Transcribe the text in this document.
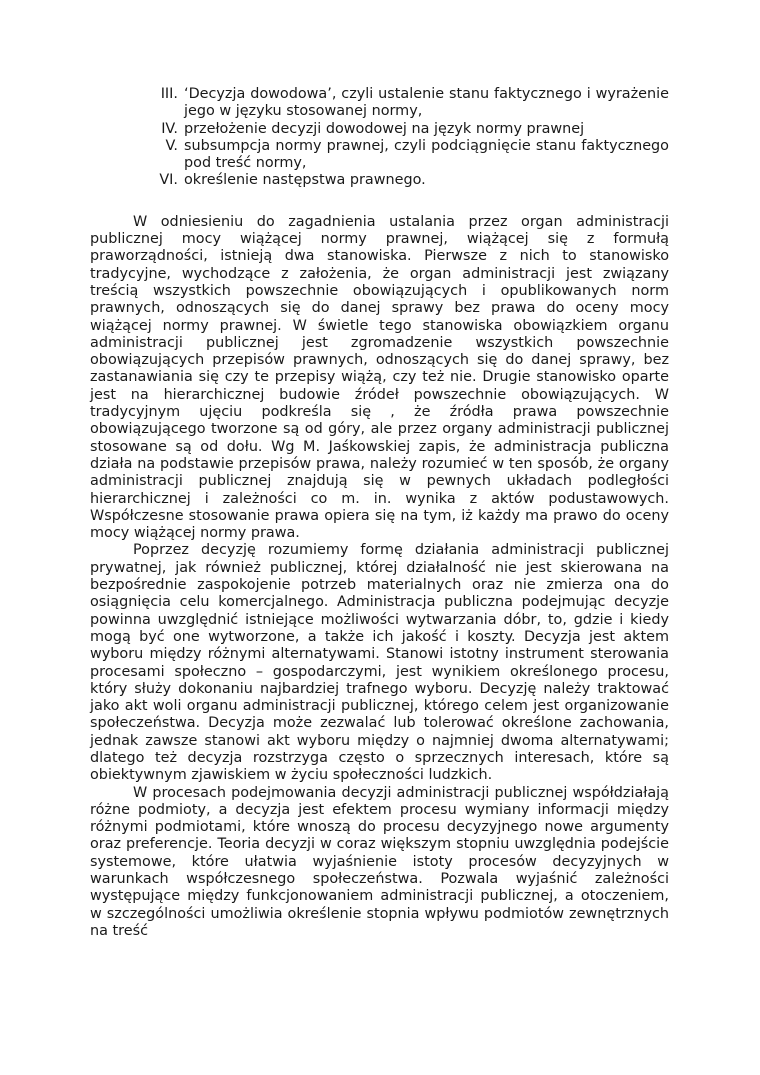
III. ‘Decyzja dowodowa’, czyli ustalenie stanu faktycznego i wyrażenie jego w języku stosowanej normy,
IV. przełożenie decyzji dowodowej na język normy prawnej
V. subsumpcja normy prawnej, czyli podciągnięcie stanu faktycznego pod treść normy,
VI. określenie następstwa prawnego.

W odniesieniu do zagadnienia ustalania przez organ administracji publicznej mocy wiążącej normy prawnej, wiążącej się z formułą praworządności, istnieją dwa stanowiska. Pierwsze z nich to stanowisko tradycyjne, wychodzące z założenia, że organ administracji jest związany treścią wszystkich powszechnie obowiązujących i opublikowanych norm prawnych, odnoszących się do danej sprawy bez prawa do oceny mocy wiążącej normy prawnej. W świetle tego stanowiska obowiązkiem organu administracji publicznej jest zgromadzenie wszystkich powszechnie obowiązujących przepisów prawnych, odnoszących się do danej sprawy, bez zastanawiania się czy te przepisy wiążą, czy też nie. Drugie stanowisko oparte jest na hierarchicznej budowie źródeł powszechnie obowiązujących. W tradycyjnym ujęciu podkreśla się , że źródła prawa powszechnie obowiązującego tworzone są od góry, ale przez organy administracji publicznej stosowane są od dołu. Wg M. Jaśkowskiej zapis, że administracja publiczna działa na podstawie przepisów prawa, należy rozumieć w ten sposób, że organy administracji publicznej znajdują się w pewnych układach podległości hierarchicznej i zależności co m. in. wynika z aktów podustawowych. Współczesne stosowanie prawa opiera się na tym, iż każdy ma prawo do oceny mocy wiążącej normy prawa.

Poprzez decyzję rozumiemy formę działania administracji publicznej prywatnej, jak również publicznej, której działalność nie jest skierowana na bezpośrednie zaspokojenie potrzeb materialnych oraz nie zmierza ona do osiągnięcia celu komercjalnego. Administracja publiczna podejmując decyzje powinna uwzględnić istniejące możliwości wytwarzania dóbr, to, gdzie i kiedy mogą być one wytworzone, a także ich jakość i koszty. Decyzja jest aktem wyboru między różnymi alternatywami. Stanowi istotny instrument sterowania procesami społeczno – gospodarczymi, jest wynikiem określonego procesu, który służy dokonaniu najbardziej trafnego wyboru. Decyzję należy traktować jako akt woli organu administracji publicznej, którego celem jest organizowanie społeczeństwa. Decyzja może zezwalać lub tolerować określone zachowania, jednak zawsze stanowi akt wyboru między o najmniej dwoma alternatywami; dlatego też decyzja rozstrzyga często o sprzecznych interesach, które są obiektywnym zjawiskiem w życiu społeczności ludzkich.

W procesach podejmowania decyzji administracji publicznej współdziałają różne podmioty, a decyzja jest efektem procesu wymiany informacji między różnymi podmiotami, które wnoszą do procesu decyzyjnego nowe argumenty oraz preferencje. Teoria decyzji w coraz większym stopniu uwzględnia podejście systemowe, które ułatwia wyjaśnienie istoty procesów decyzyjnych w warunkach współczesnego społeczeństwa. Pozwala wyjaśnić zależności występujące między funkcjonowaniem administracji publicznej, a otoczeniem, w szczególności umożliwia określenie stopnia wpływu podmiotów zewnętrznych na treść
